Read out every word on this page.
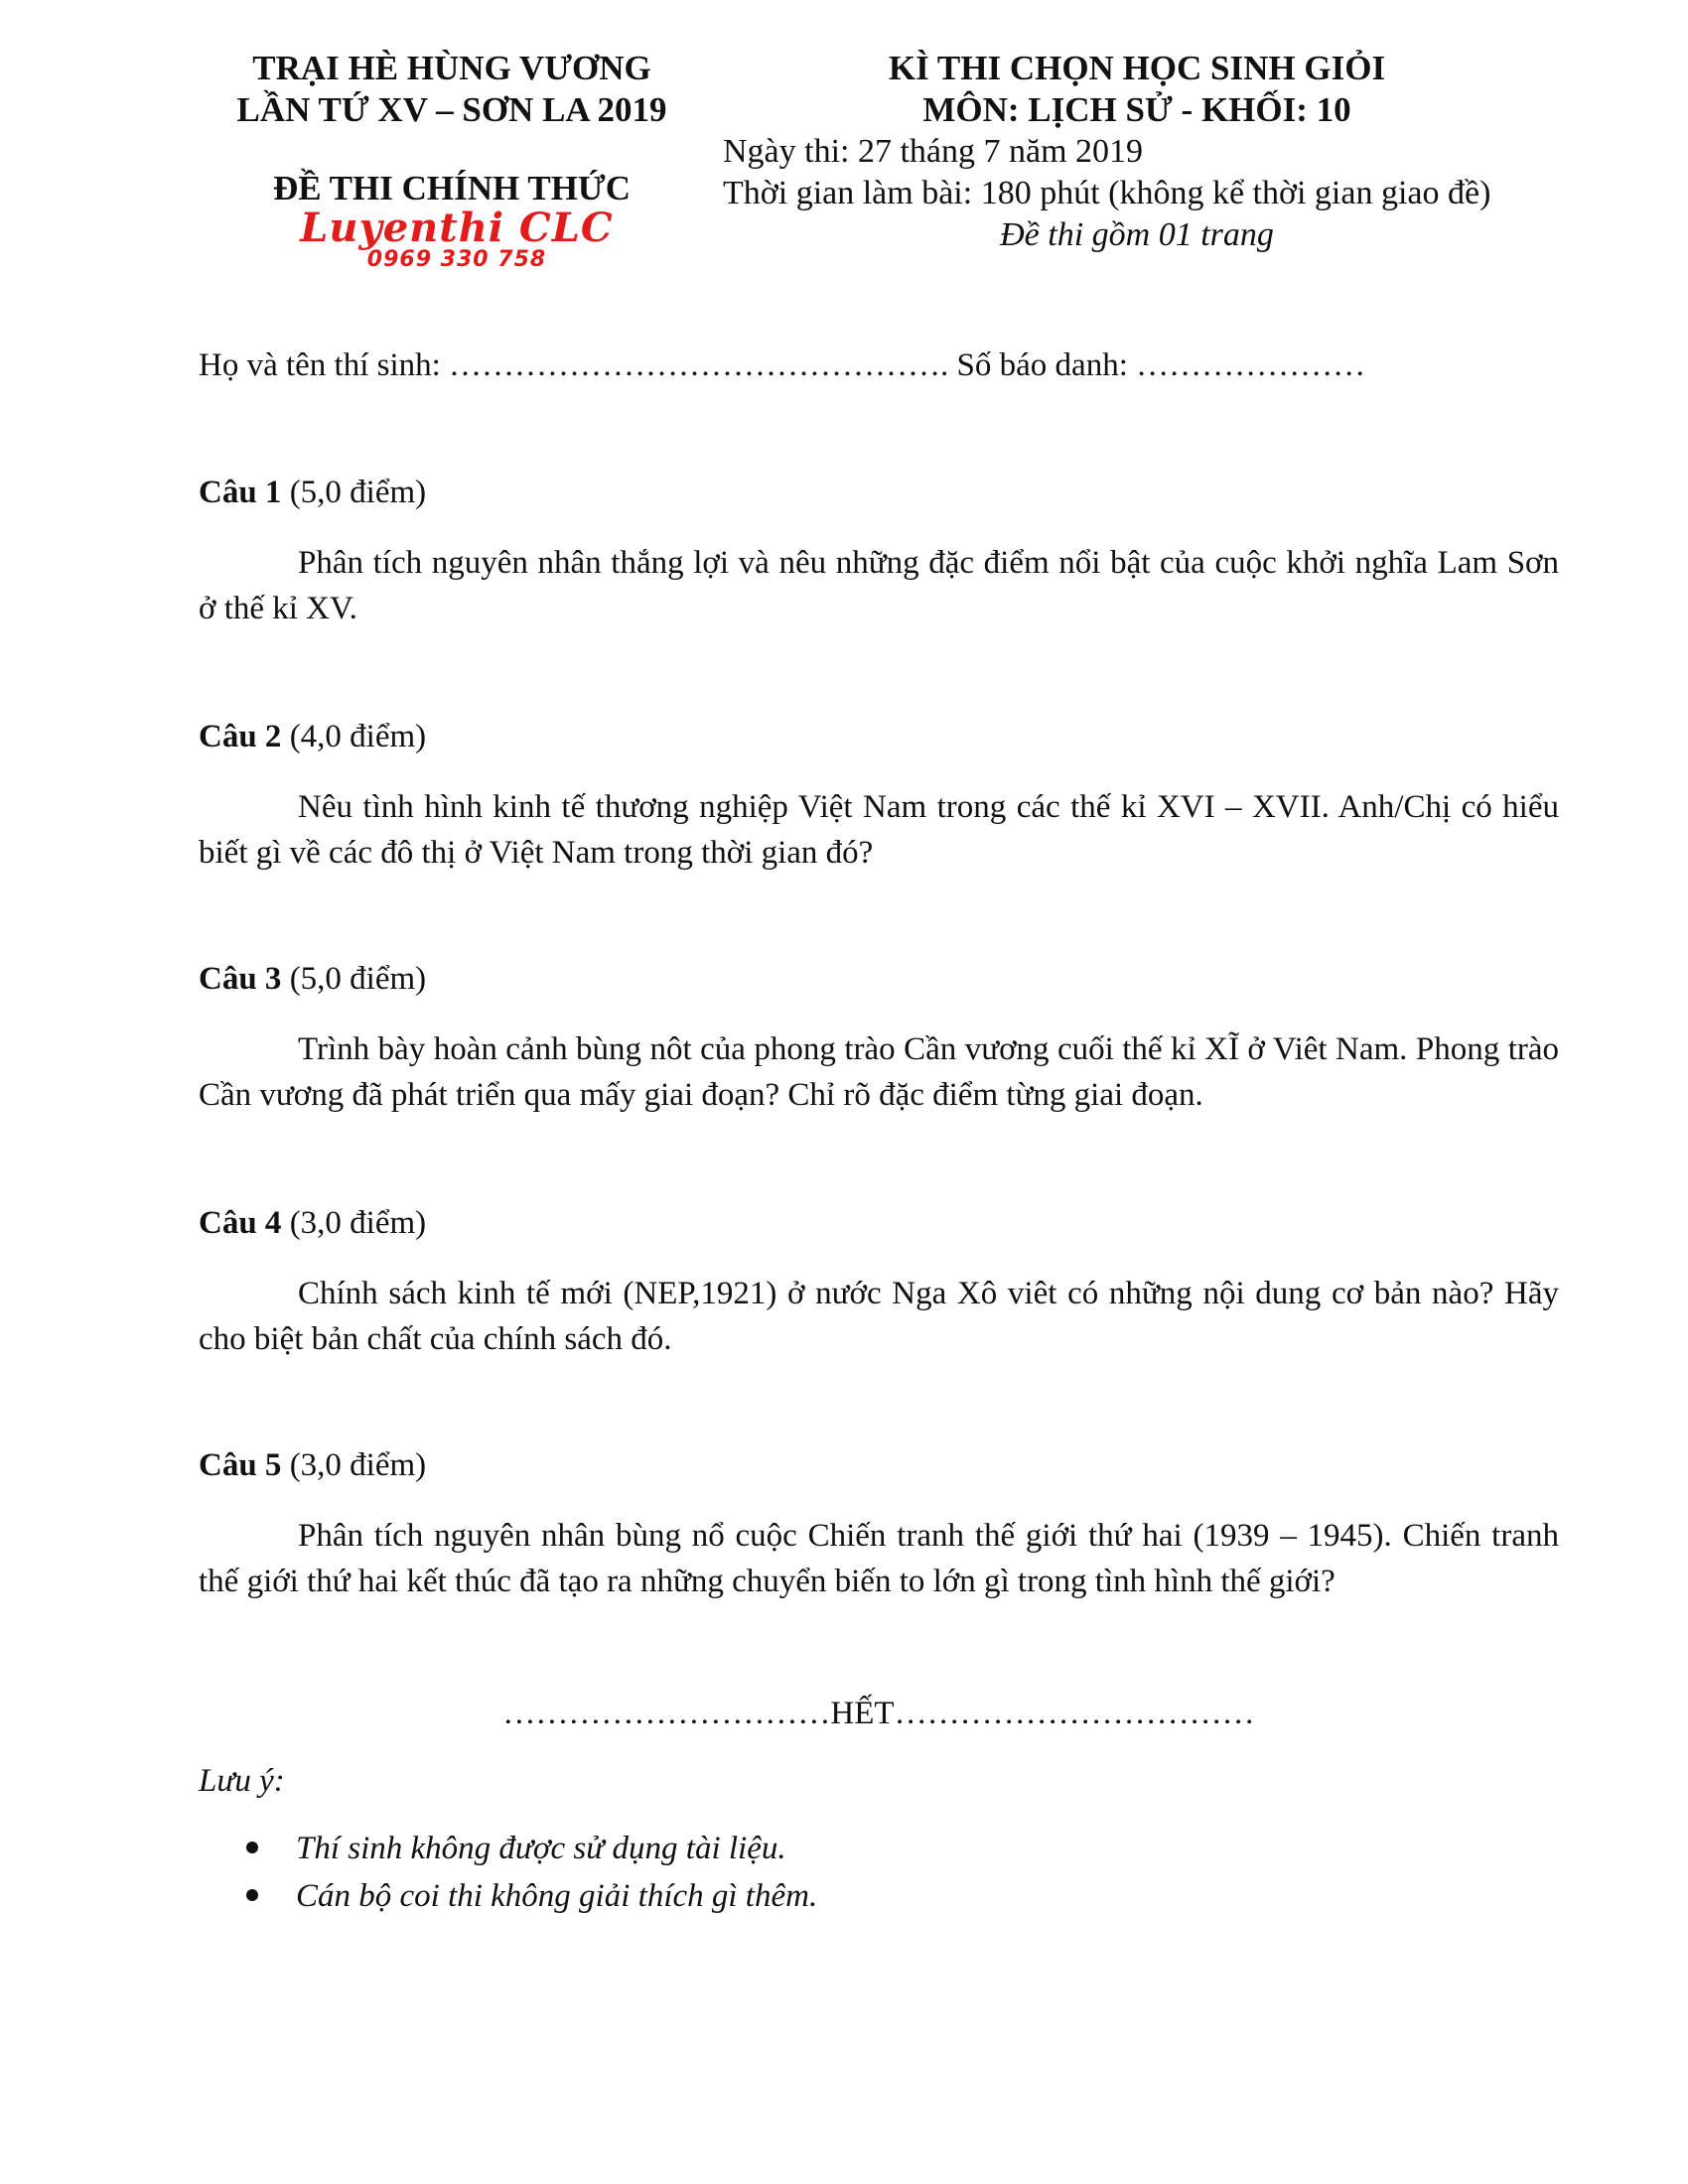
TRẠI HÈ HÙNG VƯƠNG
LẦN TỨ XV – SƠN LA 2019
KÌ THI CHỌN HỌC SINH GIỎI
MÔN: LỊCH SỬ - KHỐI: 10
Ngày thi: 27 tháng 7 năm 2019
Thời gian làm bài: 180 phút (không kể thời gian giao đề)
Đề thi gồm 01 trang
ĐỀ THI CHÍNH THỨC
Luyenthi CLC
0969 330 758
Họ và tên thí sinh: ………………………………………. Số báo danh: …………………
Câu 1 (5,0 điểm)
Phân tích nguyên nhân thắng lợi và nêu những đặc điểm nổi bật của cuộc khởi nghĩa Lam Sơn ở thế kỉ XV.
Câu 2 (4,0 điểm)
Nêu tình hình kinh tế thương nghiệp Việt Nam trong các thế kỉ XVI – XVII. Anh/Chị có hiểu biết gì về các đô thị ở Việt Nam trong thời gian đó?
Câu 3 (5,0 điểm)
Trình bày hoàn cảnh bùng nôt của phong trào Cần vương cuối thế kỉ XĨ ở Viêt Nam. Phong trào Cần vương đã phát triển qua mấy giai đoạn? Chỉ rõ đặc điểm từng giai đoạn.
Câu 4 (3,0 điểm)
Chính sách kinh tế mới (NEP,1921) ở nước Nga Xô viêt có những nội dung cơ bản nào? Hãy cho biệt bản chất của chính sách đó.
Câu 5 (3,0 điểm)
Phân tích nguyên nhân bùng nổ cuộc Chiến tranh thế giới thứ hai (1939 – 1945). Chiến tranh thế giới thứ hai kết thúc đã tạo ra những chuyển biến to lớn gì trong tình hình thế giới?
…………………………HẾT……………………………
Lưu ý:
Thí sinh không được sử dụng tài liệu.
Cán bộ coi thi không giải thích gì thêm.
